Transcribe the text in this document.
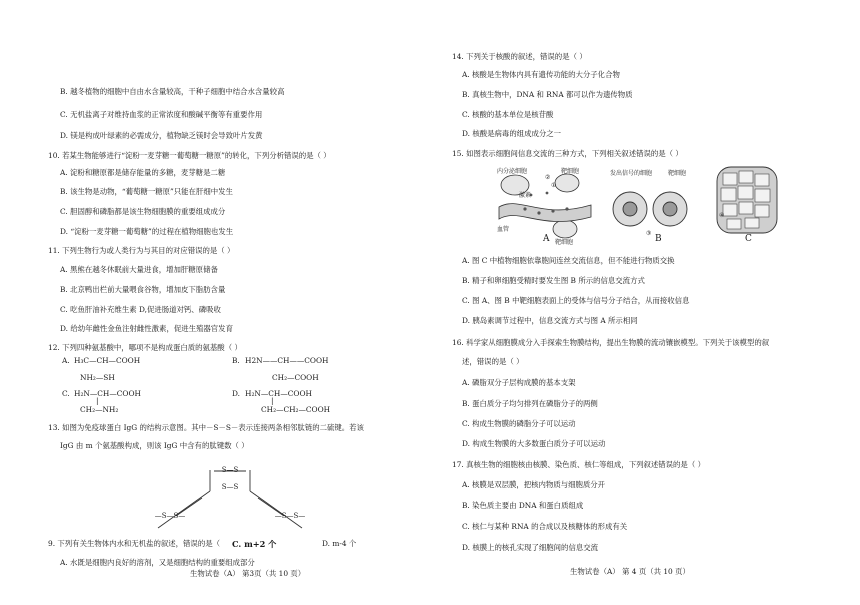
B. 越冬植物的细胞中自由水含量较高，干种子细胞中结合水含量较高
C. 无机盐离子对维持血浆的正常浓度和酸碱平衡等有重要作用
D. 镁是构成叶绿素的必需成分，植物缺乏镁时会导致叶片发黄
10. 若某生物能够进行“淀粉一麦芽糖一葡萄糖一糖原”的转化，下列分析错误的是（ ）
A. 淀粉和糖原都是储存能量的多糖，麦芽糖是二糖
B. 该生物是动物，“葡萄糖一糖原”只能在肝细中发生
C. 胆固醇和磷脂都是该生物细胞膜的重要组成成分
D. “淀粉一麦芽糖一葡萄糖”的过程在植物细胞也发生
11. 下列生物行为或人类行为与其目的对应错误的是（ ）
A. 黑熊在越冬休眠前大量进食，增加肝糖原储备
B. 北京鸭出栏前大量喂食谷物，增加皮下脂肪含量
C. 吃鱼肝油补充维生素 D,促进肠道对钙、磷吸收
D. 给幼年雌性金鱼注射雌性激素，促进生殖器官发育
12. 下列四种氨基酸中，哪项不是构成蛋白质的氨基酸（ ）
A. H₃C—CH—COOH
NH₂—SH
B. H2N——CH——COOH
CH₂—COOH
C. H₂N—CH—COOH
|
CH₂—NH₂
D. H₂N—CH—COOH
|
CH₂—CH₂—COOH
13. 如图为免疫球蛋白 IgG 的结构示意图。其中－S－S－表示连接两条相邻肽链的二硫键。若该
IgG 由 m 个氨基酸构成，则该 IgG 中含有的肽键数（ ）
S—S
S—S
—S—S—	—S—S—
9. 下列有关生物体内水和无机盐的叙述，错误的是（ C. m+2 个	D. m-4 个
A. 水既是细胞内良好的溶剂，又是细胞结构的重要组成部分
生物试卷（A） 第3页（共 10 页）
14. 下列关于核酸的叙述，错误的是（ ）
A. 核酸是生物体内具有遗传功能的大分子化合物
B. 真核生物中，DNA 和 RNA 都可以作为遗传物质
C. 核酸的基本单位是核苷酸
D. 核酸是病毒的组成成分之一
15. 如图表示细胞间信息交流的三种方式，下列相关叙述错误的是（ ）
内分泌细胞
激素
靶细胞
血管
靶细胞
①
②
A
发出信号的细胞	靶细胞
③
B
④
C
A. 图 C 中植物细胞依靠胞间连丝交流信息，但不能进行物质交换
B. 精子和卵细胞受精时要发生图 B 所示的信息交流方式
C. 图 A、图 B 中靶细胞表面上的受体与信号分子结合，从而接收信息
D. 胰岛素调节过程中，信息交流方式与图 A 所示相同
16. 科学家从细胞膜成分入手探索生物膜结构，提出生物膜的流动镶嵌模型。下列关于该模型的叙
述，错误的是（ ）
A. 磷脂双分子层构成膜的基本支架
B. 蛋白质分子均匀排列在磷脂分子的两侧
C. 构成生物膜的磷脂分子可以运动
D. 构成生物膜的大多数蛋白质分子可以运动
17. 真核生物的细胞核由核膜、染色质、核仁等组成，下列叙述错误的是（ ）
A. 核膜是双层膜，把核内物质与细胞质分开
B. 染色质主要由 DNA 和蛋白质组成
C. 核仁与某种 RNA 的合成以及核糖体的形成有关
D. 核膜上的核孔实现了细胞间的信息交流
生物试卷（A） 第 4 页（共 10 页）
